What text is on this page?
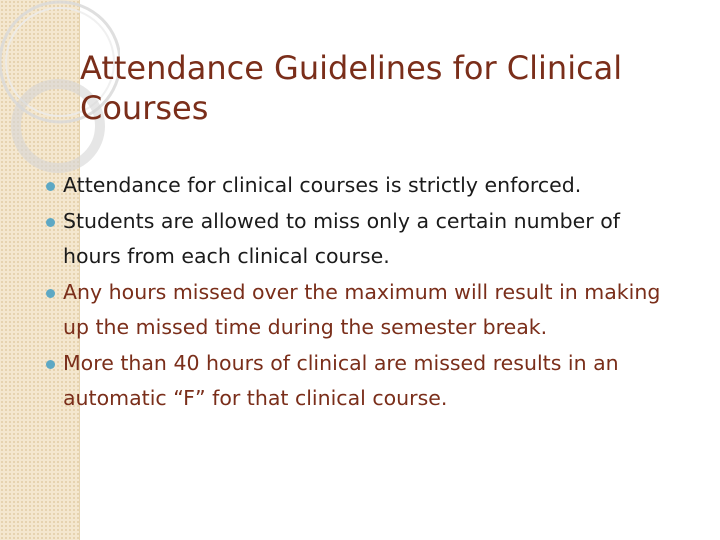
Attendance Guidelines for Clinical
Courses
Attendance for clinical courses is strictly enforced.
Students are allowed to miss only a certain number of hours from each clinical course.
Any hours missed over the maximum will result in making up the missed time during the semester break.
More than 40 hours of clinical are missed results in an automatic “F” for that clinical course.
